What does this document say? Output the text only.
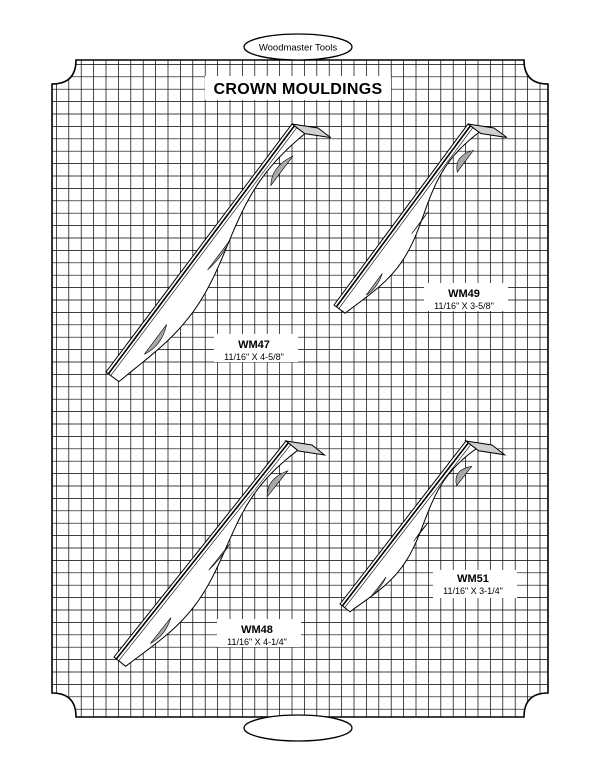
Woodmaster Tools
CROWN MOULDINGS
WM47
11/16" X 4-5/8"
WM49
11/16" X 3-5/8"
WM48
11/16" X 4-1/4"
WM51
11/16" X 3-1/4"
